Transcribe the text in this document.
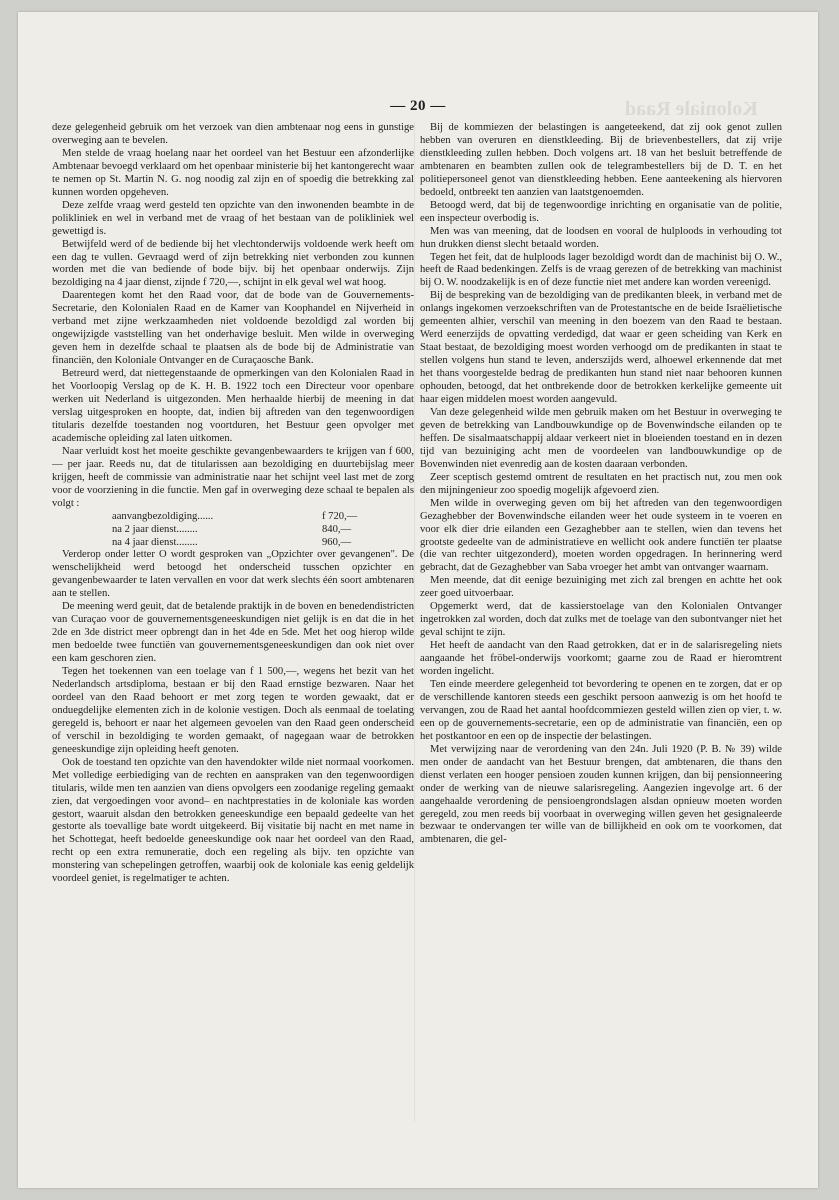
Koloniale Raad
— 20 —

deze gelegenheid gebruik om het verzoek van dien ambtenaar nog eens in gunstige overweging aan te bevelen.

Men stelde de vraag hoelang naar het oordeel van het Bestuur een afzonderlijke Ambtenaar bevoegd verklaard om het openbaar ministerie bij het kantongerecht waar te nemen op St. Martin N. G. nog noodig zal zijn en of spoedig die betrekking zal kunnen worden opgeheven.

Deze zelfde vraag werd gesteld ten opzichte van den inwonenden beambte in de polikliniek en wel in verband met de vraag of het bestaan van de polikliniek wel gewettigd is.

Betwijfeld werd of de bediende bij het vlechtonderwijs voldoende werk heeft om een dag te vullen. Gevraagd werd of zijn betrekking niet verbonden zou kunnen worden met die van bediende of bode bijv. bij het openbaar onderwijs. Zijn bezoldiging na 4 jaar dienst, zijnde f 720,—, schijnt in elk geval wel wat hoog.

Daarentegen komt het den Raad voor, dat de bode van de Gouvernements-Secretarie, den Kolonialen Raad en de Kamer van Koophandel en Nijverheid in verband met zijne werkzaamheden niet voldoende bezoldigd zal worden bij ongewijzigde vaststelling van het onderhavige besluit. Men wilde in overweging geven hem in dezelfde schaal te plaatsen als de bode bij de Administratie van financiën, den Koloniale Ontvanger en de Curaçaosche Bank.

Betreurd werd, dat niettegenstaande de opmerkingen van den Kolonialen Raad in het Voorloopig Verslag op de K. H. B. 1922 toch een Directeur voor openbare werken uit Nederland is uitgezonden. Men herhaalde hierbij de meening in dat verslag uitgesproken en hoopte, dat, indien bij aftreden van den tegenwoordigen titularis dezelfde toestanden nog voortduren, het Bestuur geen opvolger met academische opleiding zal laten uitkomen.

Naar verluidt kost het moeite geschikte gevangenbewaarders te krijgen van f 600,— per jaar. Reeds nu, dat de titularissen aan bezoldiging en duurtebijslag meer krijgen, heeft de commissie van administratie naar het schijnt veel last met de zorg voor de voorziening in die functie. Men gaf in overweging deze schaal te bepalen als volgt :

aanvangbezoldiging......	f 720,—
na 2 jaar dienst........	840,—
na 4 jaar dienst........	960,—

Verderop onder letter O wordt gesproken van „Opzichter over gevangenen". De wenschelijkheid werd betoogd het onderscheid tusschen opzichter en gevangenbewaarder te laten vervallen en voor dat werk slechts één soort ambtenaren aan te stellen.

De meening werd geuit, dat de betalende praktijk in de boven en benedendistricten van Curaçao voor de gouvernementsgeneeskundigen niet gelijk is en dat die in het 2de en 3de district meer opbrengt dan in het 4de en 5de. Met het oog hierop wilde men bedoelde twee functiën van gouvernementsgeneeskundigen dan ook niet over een kam geschoren zien.

Tegen het toekennen van een toelage van f 1 500,—, wegens het bezit van het Nederlandsch artsdiploma, bestaan er bij den Raad ernstige bezwaren. Naar het oordeel van den Raad behoort er met zorg tegen te worden gewaakt, dat er onduegdelijke elementen zich in de kolonie vestigen. Doch als eenmaal de toelating geregeld is, behoort er naar het algemeen gevoelen van den Raad geen onderscheid of verschil in bezoldiging te worden gemaakt, of nagegaan waar de betrokken geneeskundige zijn opleiding heeft genoten.

Ook de toestand ten opzichte van den havendokter wilde niet normaal voorkomen. Met volledige eerbiediging van de rechten en aanspraken van den tegenwoordigen titularis, wilde men ten aanzien van diens opvolgers een zoodanige regeling gemaakt zien, dat vergoedingen voor avond– en nachtprestaties in de koloniale kas worden gestort, waaruit alsdan den betrokken geneeskundige een bepaald gedeelte van het gestorte als toevallige bate wordt uitgekeerd. Bij visitatie bij nacht en met name in het Schottegat, heeft bedoelde geneeskundige ook naar het oordeel van den Raad, recht op een extra remuneratie, doch een regeling als bijv. ten opzichte van monstering van schepelingen getroffen, waarbij ook de koloniale kas eenig geldelijk voordeel geniet, is regelmatiger te achten.

Bij de kommiezen der belastingen is aangeteekend, dat zij ook genot zullen hebben van overuren en dienstkleeding. Bij de brievenbestellers, dat zij vrije dienstkleeding zullen hebben. Doch volgens art. 18 van het besluit betreffende de ambtenaren en beambten zullen ook de telegrambestellers bij de D. T. en het politiepersoneel genot van dienstkleeding hebben. Eene aanteekening als hiervoren bedoeld, ontbreekt ten aanzien van laatstgenoemden.

Betoogd werd, dat bij de tegenwoordige inrichting en organisatie van de politie, een inspecteur overbodig is.

Men was van meening, dat de loodsen en vooral de hulploods in verhouding tot hun drukken dienst slecht betaald worden.

Tegen het feit, dat de hulploods lager bezoldigd wordt dan de machinist bij O. W., heeft de Raad bedenkingen. Zelfs is de vraag gerezen of de betrekking van machinist bij O. W. noodzakelijk is en of deze functie niet met andere kan worden vereenigd.

Bij de bespreking van de bezoldiging van de predikanten bleek, in verband met de onlangs ingekomen verzoekschriften van de Protestantsche en de beide Israëlietische gemeenten alhier, verschil van meening in den boezem van den Raad te bestaan. Werd eenerzijds de opvatting verdedigd, dat waar er geen scheiding van Kerk en Staat bestaat, de bezoldiging moest worden verhoogd om de predikanten in staat te stellen volgens hun stand te leven, anderszijds werd, alhoewel erkennende dat met het thans voorgestelde bedrag de predikanten hun stand niet naar behooren kunnen ophouden, betoogd, dat het ontbrekende door de betrokken kerkelijke gemeente uit haar eigen middelen moest worden aangevuld.

Van deze gelegenheid wilde men gebruik maken om het Bestuur in overweging te geven de betrekking van Landbouwkundige op de Bovenwindsche eilanden op te heffen. De sisalmaatschappij aldaar verkeert niet in bloeienden toestand en in dezen tijd van bezuiniging acht men de voordeelen van landbouwkundige op de Bovenwinden niet evenredig aan de kosten daaraan verbonden.

Zeer sceptisch gestemd omtrent de resultaten en het practisch nut, zou men ook den mijningenieur zoo spoedig mogelijk afgevoerd zien.

Men wilde in overweging geven om bij het aftreden van den tegenwoordigen Gezaghebber der Bovenwindsche eilanden weer het oude systeem in te voeren en voor elk dier drie eilanden een Gezaghebber aan te stellen, wien dan tevens het grootste gedeelte van de administratieve en wellicht ook andere functiën ter plaatse (die van rechter uitgezonderd), moeten worden opgedragen. In herinnering werd gebracht, dat de Gezaghebber van Saba vroeger het ambt van ontvanger waarnam.

Men meende, dat dit eenige bezuiniging met zich zal brengen en achtte het ook zeer goed uitvoerbaar.

Opgemerkt werd, dat de kassierstoelage van den Kolonialen Ontvanger ingetrokken zal worden, doch dat zulks met de toelage van den subontvanger niet het geval schijnt te zijn.

Het heeft de aandacht van den Raad getrokken, dat er in de salarisregeling niets aangaande het fröbel-onderwijs voorkomt; gaarne zou de Raad er hieromtrent worden ingelicht.

Ten einde meerdere gelegenheid tot bevordering te openen en te zorgen, dat er op de verschillende kantoren steeds een geschikt persoon aanwezig is om het hoofd te vervangen, zou de Raad het aantal hoofdcommiezen gesteld willen zien op vier, t. w. een op de gouvernements-secretarie, een op de administratie van financiën, een op het postkantoor en een op de inspectie der belastingen.

Met verwijzing naar de verordening van den 24n. Juli 1920 (P. B. № 39) wilde men onder de aandacht van het Bestuur brengen, dat ambtenaren, die thans den dienst verlaten een hooger pensioen zouden kunnen krijgen, dan bij pensionneering onder de werking van de nieuwe salarisregeling. Aangezien ingevolge art. 6 der aangehaalde verordening de pensioengrondslagen alsdan opnieuw moeten worden geregeld, zou men reeds bij voorbaat in overweging willen geven het gesignaleerde bezwaar te ondervangen ter wille van de billijkheid en ook om te voorkomen, dat ambtenaren, die gel-
